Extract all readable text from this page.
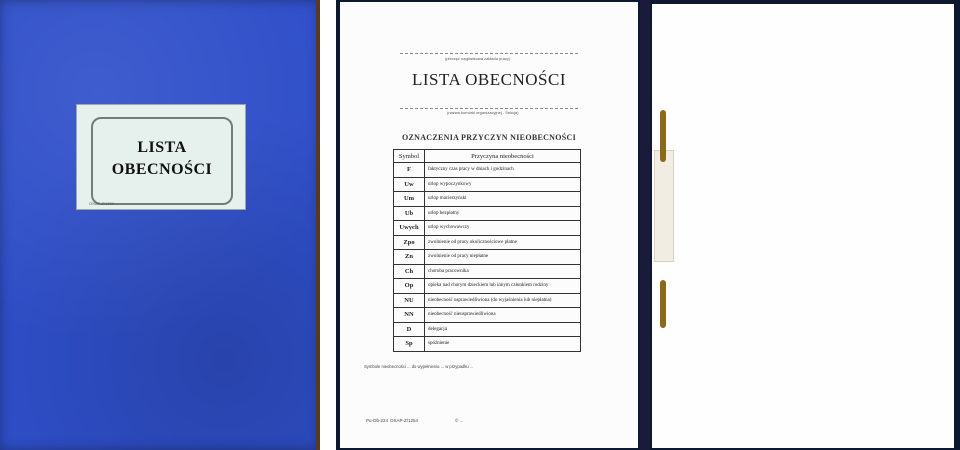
LISTA
OBECNOŚCI
OSAP-Z/1254 ...
(pieczęć nagłówkowa zakładu pracy)
LISTA OBECNOŚCI
(nazwa komórki organizacyjnej - Sekcja)
OZNACZENIA PRZYCZYN NIEOBECNOŚCI
Symbol	Przyczyna nieobecności
F	faktyczny czas pracy w dniach i godzinach
Uw	urlop wypoczynkowy
Um	urlop macierzyński
Ub	urlop bezpłatny
Uwych	urlop wychowawczy
Zpo	zwolnienie od pracy okolicznościowe płatne
Zn	zwolnienie od pracy niepłatne
Ch	choroba pracownika
Op	opieka nad chorym dzieckiem lub innym członkiem rodziny
NU	nieobecność usprawiedliwiona (do wyjaśnienia lub niepłatna)
NN	nieobecność nieusprawiedliwiona
D	delegacja
Sp	spóźnienie
Symbole nieobecności ... do wypełnienia ... w przypadku ...
Pu-Ob-224 OSAP-Z/1254	© ...
